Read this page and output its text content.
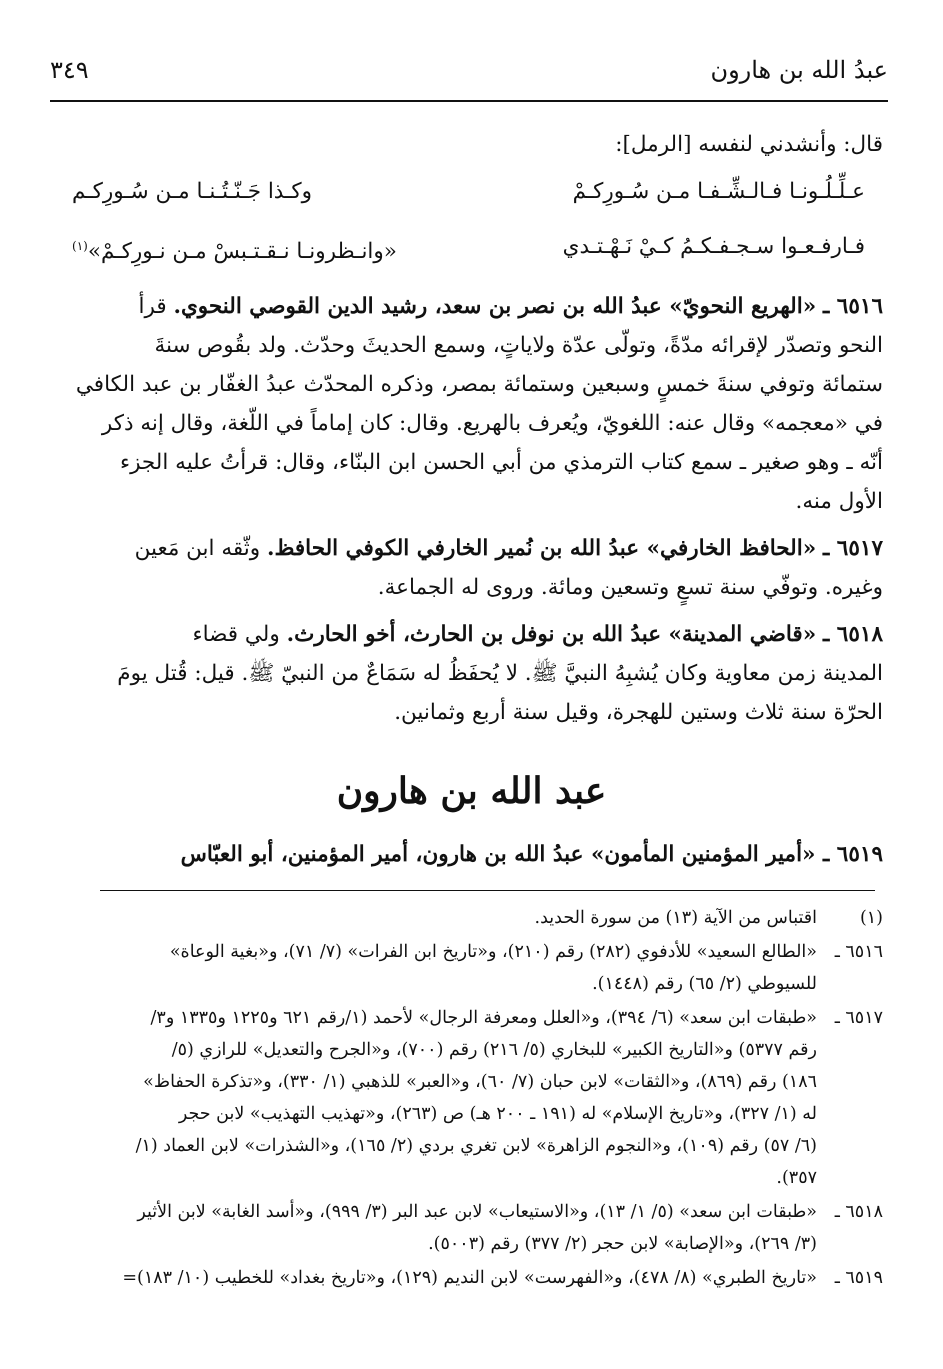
عبدُ الله بن هارون
٣٤٩
قال: وأنشدني لنفسه [الرمل]:
عـلِّـلُـونـا فـالـشِّـفـا مـن سُـورِكـمْ
وكـذا جَـنّـتُـنـا مـن سُـورِكـم
فـارفـعـوا سـجـفـكـمُ كـيْ نَـهْـتـدي
«وانـظرونـا نـقـتـبسْ مـن نـورِكـمْ»$^{(١)}$
٦٥١٦ ـ «الهريع النحويّ» عبدُ الله بن نصر بن سعد، رشيد الدين القوصي النحوي. قرأ
النحو وتصدّر لإقرائه مدّةً، وتولّى عدّة ولاياتٍ، وسمع الحديثَ وحدّث. ولد بقُوص سنةَ
ستمائة وتوفي سنةَ خمسٍ وسبعين وستمائة بمصر، وذكره المحدّث عبدُ الغفّار بن عبد الكافي
في «معجمه» وقال عنه: اللغويّ، ويُعرف بالهريع. وقال: كان إماماً في اللّغة، وقال إنه ذكر
أنّه ـ وهو صغير ـ سمع كتاب الترمذي من أبي الحسن ابن البنّاء، وقال: قرأتُ عليه الجزء
الأول منه.
٦٥١٧ ـ «الحافظ الخارفي» عبدُ الله بن نُمير الخارفي الكوفي الحافظ. وثّقه ابن مَعين
وغيره. وتوفّي سنة تسعٍ وتسعين ومائة. وروى له الجماعة.
٦٥١٨ ـ «قاضي المدينة» عبدُ الله بن نوفل بن الحارث، أخو الحارث. ولي قضاء
المدينة زمن معاوية وكان يُشبِهُ النبيَّ ﷺ. لا يُحفَظُ له سَمَاعٌ من النبيّ ﷺ. قيل: قُتل يومَ
الحرّة سنة ثلاث وستين للهجرة، وقيل سنة أربع وثمانين.
عبد الله بن هارون
٦٥١٩ ـ «أمير المؤمنين المأمون» عبدُ الله بن هارون، أمير المؤمنين، أبو العبّاس
(١)

اقتباس من الآية (١٣) من سورة الحديد.

٦٥١٦ ـ

«الطالع السعيد» للأدفوي (٢٨٢) رقم (٢١٠)، و«تاريخ ابن الفرات» (٧/ ٧١)، و«بغية الوعاة»

للسيوطي (٢/ ٦٥) رقم (١٤٤٨).

٦٥١٧ ـ

«طبقات ابن سعد» (٦/ ٣٩٤)، و«العلل ومعرفة الرجال» لأحمد (١/رقم ٦٢١ و١٢٢٥ و١٣٣٥ و٣/

رقم ٥٣٧٧) و«التاريخ الكبير» للبخاري (٥/ ٢١٦) رقم (٧٠٠)، و«الجرح والتعديل» للرازي (٥/

١٨٦) رقم (٨٦٩)، و«الثقات» لابن حبان (٧/ ٦٠)، و«العبر» للذهبي (١/ ٣٣٠)، و«تذكرة الحفاظ»

له (١/ ٣٢٧)، و«تاريخ الإسلام» له (١٩١ ـ ٢٠٠ هـ) ص (٢٦٣)، و«تهذيب التهذيب» لابن حجر

(٦/ ٥٧) رقم (١٠٩)، و«النجوم الزاهرة» لابن تغري بردي (٢/ ١٦٥)، و«الشذرات» لابن العماد (١/

٣٥٧).

٦٥١٨ ـ

«طبقات ابن سعد» (٥/ ١/ ١٣)، و«الاستيعاب» لابن عبد البر (٣/ ٩٩٩)، و«أسد الغابة» لابن الأثير

(٣/ ٢٦٩)، و«الإصابة» لابن حجر (٢/ ٣٧٧) رقم (٥٠٠٣).

٦٥١٩ ـ

«تاريخ الطبري» (٨/ ٤٧٨)، و«الفهرست» لابن النديم (١٢٩)، و«تاريخ بغداد» للخطيب (١٠/ ١٨٣)=
